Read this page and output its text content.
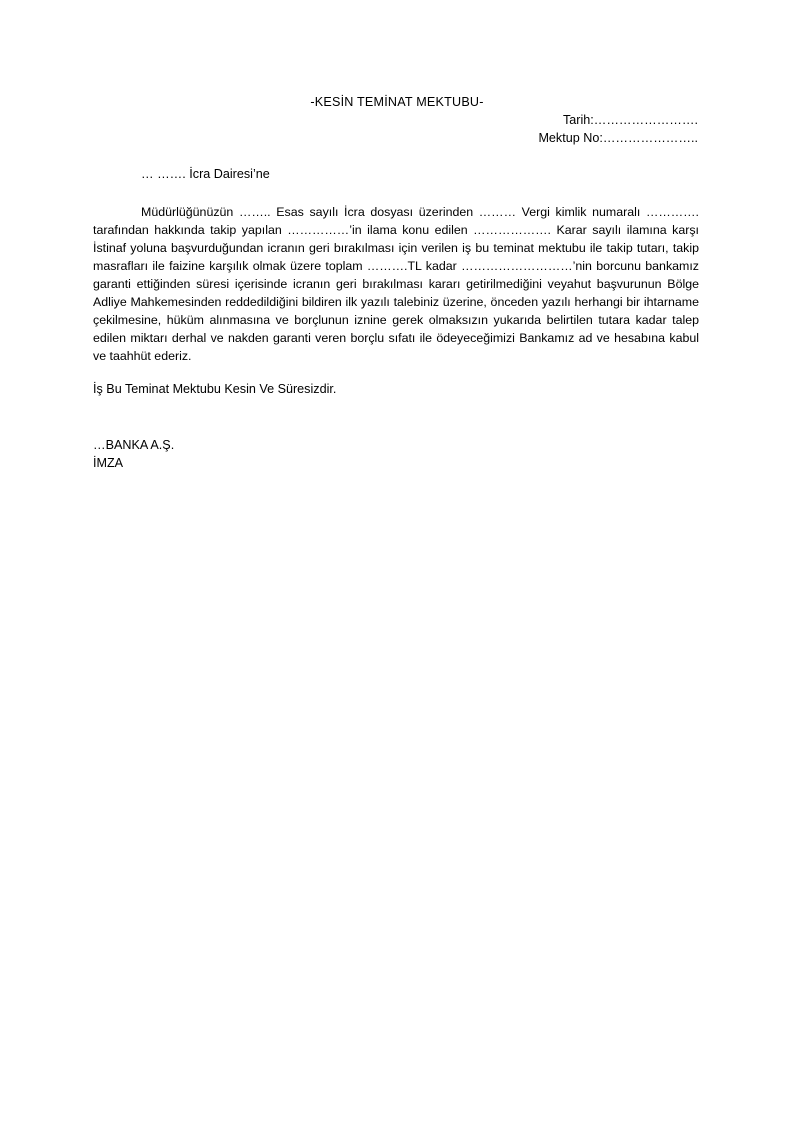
-KESİN TEMİNAT MEKTUBU-
Tarih:…………………….
Mektup No:…………………..
… ……. İcra Dairesi’ne

Müdürlüğünüzün …….. Esas sayılı İcra dosyası üzerinden ……… Vergi kimlik numaralı …………. tarafından hakkında takip yapılan ……………’in ilama konu edilen ………………. Karar sayılı ilamına karşı İstinaf yoluna başvurduğundan icranın geri bırakılması için verilen iş bu teminat mektubu ile takip tutarı, takip masrafları ile faizine karşılık olmak üzere toplam ……….TL kadar ………………………’nin borcunu bankamız garanti ettiğinden süresi içerisinde icranın geri bırakılması kararı getirilmediğini veyahut başvurunun Bölge Adliye Mahkemesinden reddedildiğini bildiren ilk yazılı talebiniz üzerine, önceden yazılı herhangi bir ihtarname çekilmesine, hüküm alınmasına ve borçlunun iznine gerek olmaksızın yukarıda belirtilen tutara kadar talep edilen miktarı derhal ve nakden garanti veren borçlu sıfatı ile ödeyeceğimizi Bankamız ad ve hesabına kabul ve taahhüt ederiz.

İş Bu Teminat Mektubu Kesin Ve Süresizdir.
…BANKA A.Ş.
İMZA
